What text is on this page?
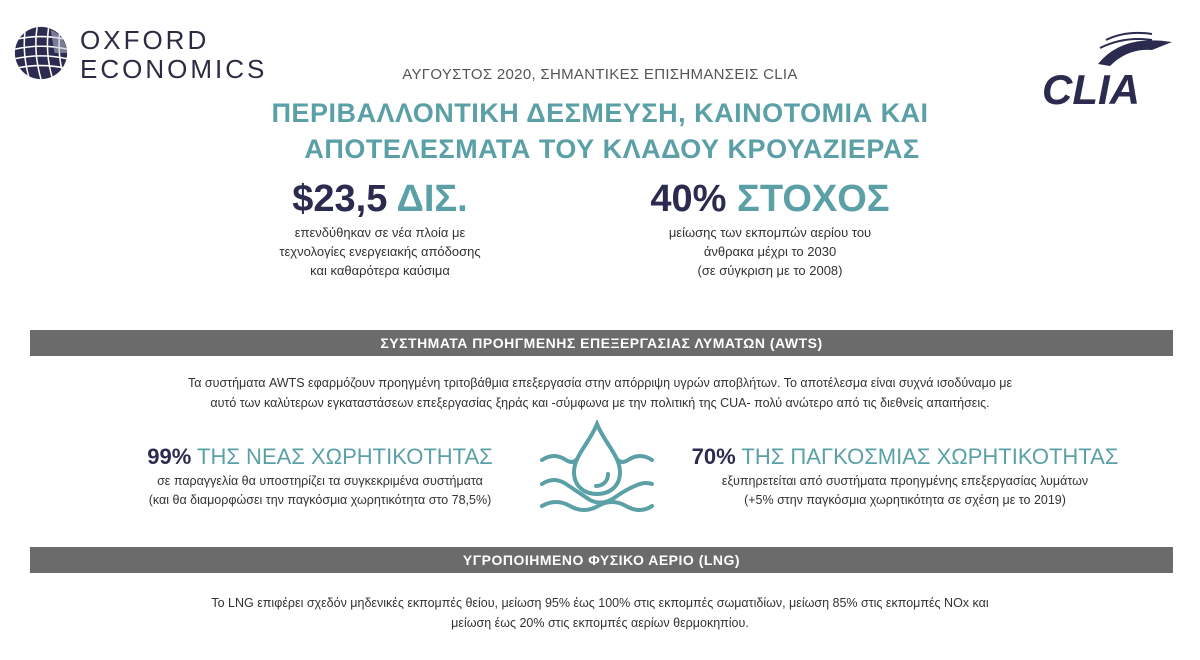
OXFORD
ECONOMICS	ΑΥΓΟΥΣΤΟΣ 2020, ΣΗΜΑΝΤΙΚΕΣ ΕΠΙΣΗΜΑΝΣΕΙΣ CLIA
ΠΕΡΙΒΑΛΛΟΝΤΙΚΗ ΔΕΣΜΕΥΣΗ, ΚΑΙΝΟΤΟΜΙΑ ΚΑΙ
ΑΠΟΤΕΛΕΣΜΑΤΑ ΤΟΥ ΚΛΑΔΟΥ ΚΡΟΥΑΖΙΕΡΑΣ
CLIA
$23,5 ΔΙΣ.
επενδύθηκαν σε νέα πλοία με
τεχνολογίες ενεργειακής απόδοσης
και καθαρότερα καύσιμα
40% ΣΤΟΧΟΣ
μείωσης των εκπομπών αερίου του
άνθρακα μέχρι το 2030
(σε σύγκριση με το 2008)
ΣΥΣΤΗΜΑΤΑ ΠΡΟΗΓΜΕΝΗΣ ΕΠΕΞΕΡΓΑΣΙΑΣ ΛΥΜΑΤΩΝ (AWTS)
Τα συστήματα AWTS εφαρμόζουν προηγμένη τριτοβάθμια επεξεργασία στην απόρριψη υγρών αποβλήτων. Το αποτέλεσμα είναι συχνά ισοδύναμο με
αυτό των καλύτερων εγκαταστάσεων επεξεργασίας ξηράς και -σύμφωνα με την πολιτική της CUA- πολύ ανώτερο από τις διεθνείς απαιτήσεις.
99% ΤΗΣ ΝΕΑΣ ΧΩΡΗΤΙΚΟΤΗΤΑΣ
σε παραγγελία θα υποστηρίζει τα συγκεκριμένα συστήματα
(και θα διαμορφώσει την παγκόσμια χωρητικότητα στο 78,5%)
70% ΤΗΣ ΠΑΓΚΟΣΜΙΑΣ ΧΩΡΗΤΙΚΟΤΗΤΑΣ
εξυπηρετείται από συστήματα προηγμένης επεξεργασίας λυμάτων
(+5% στην παγκόσμια χωρητικότητα σε σχέση με το 2019)
ΥΓΡΟΠΟΙΗΜΕΝΟ ΦΥΣΙΚΟ ΑΕΡΙΟ (LNG)
Το LNG επιφέρει σχεδόν μηδενικές εκπομπές θείου, μείωση 95% έως 100% στις εκπομπές σωματιδίων, μείωση 85% στις εκπομπές NOx και
μείωση έως 20% στις εκπομπές αερίων θερμοκηπίου.
